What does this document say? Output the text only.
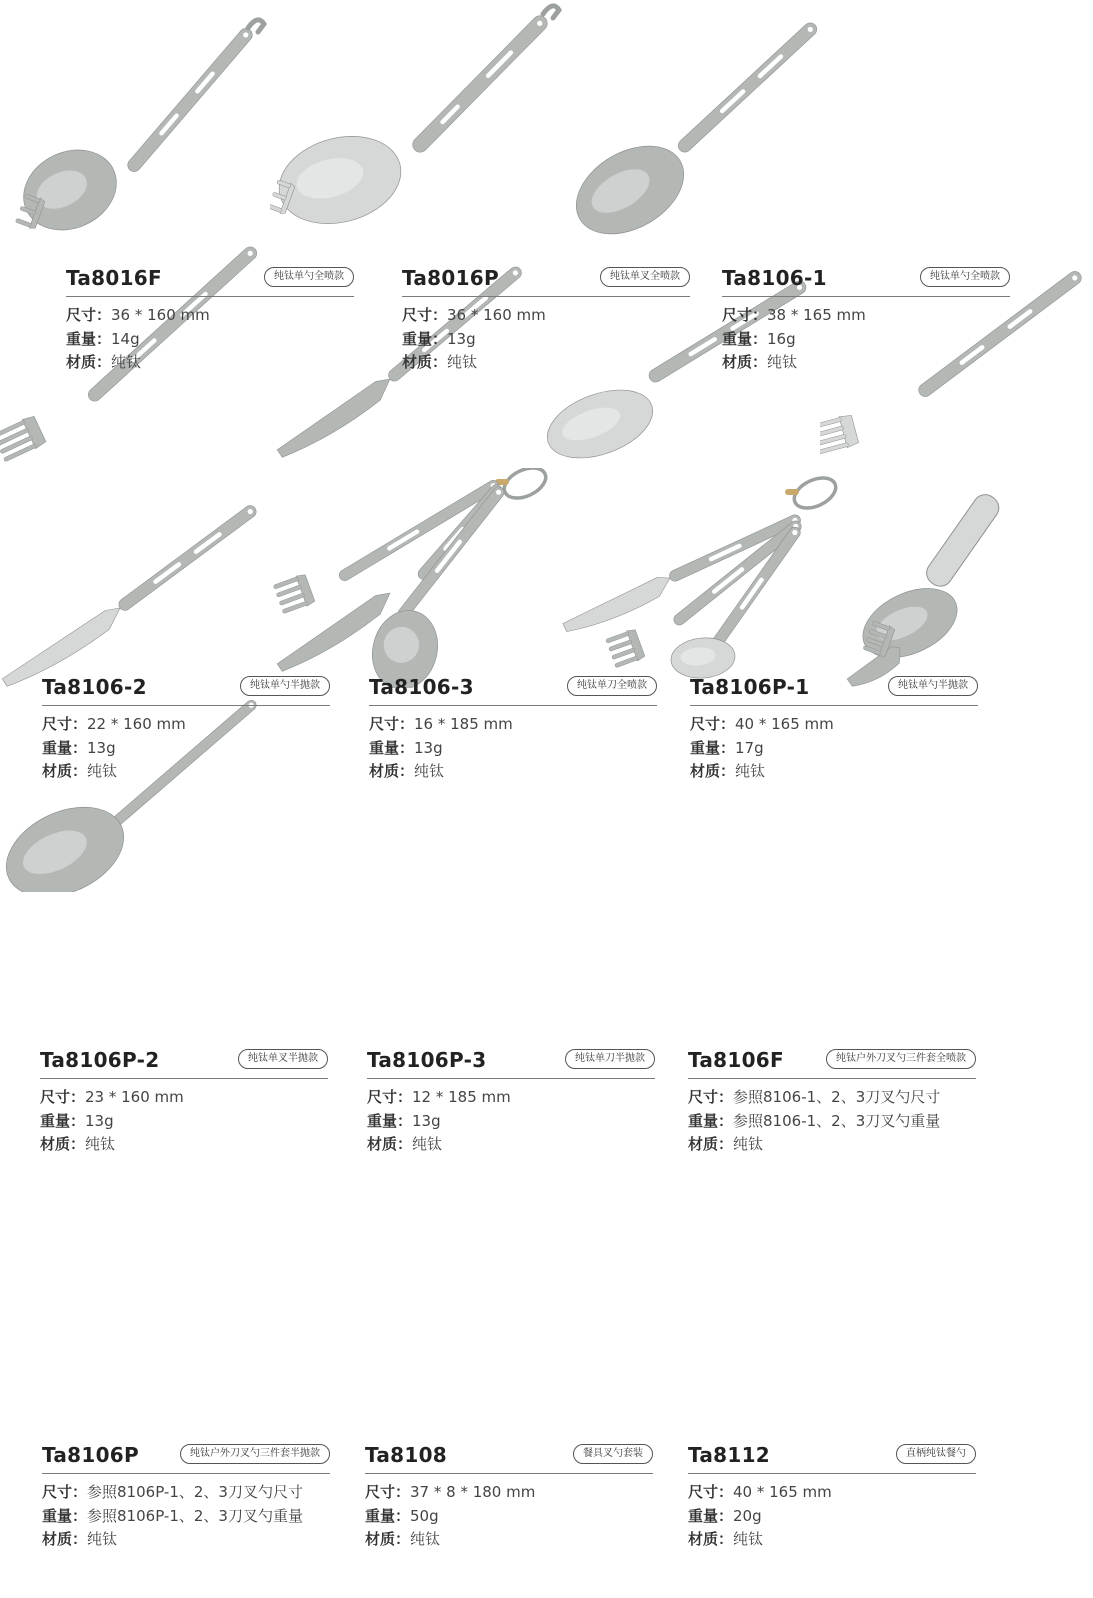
Ta8016F	纯钛单勺全喷款
尺寸：36 * 160 mm
重量：14g
材质：纯钛
Ta8016P	纯钛单叉全喷款
尺寸：36 * 160 mm
重量：13g
材质：纯钛
Ta8106-1	纯钛单勺全喷款
尺寸：38 * 165 mm
重量：16g
材质：纯钛
Ta8106-2	纯钛单勺半抛款
尺寸：22 * 160 mm
重量：13g
材质：纯钛
Ta8106-3	纯钛单刀全喷款
尺寸：16 * 185 mm
重量：13g
材质：纯钛
Ta8106P-1	纯钛单勺半抛款
尺寸：40 * 165 mm
重量：17g
材质：纯钛
Ta8106P-2	纯钛单叉半抛款
尺寸：23 * 160 mm
重量：13g
材质：纯钛
Ta8106P-3	纯钛单刀半抛款
尺寸：12 * 185 mm
重量：13g
材质：纯钛
Ta8106F	纯钛户外刀叉勺三件套全喷款
尺寸：参照8106-1、2、3刀叉勺尺寸
重量：参照8106-1、2、3刀叉勺重量
材质：纯钛
Ta8106P	纯钛户外刀叉勺三件套半抛款
尺寸：参照8106P-1、2、3刀叉勺尺寸
重量：参照8106P-1、2、3刀叉勺重量
材质：纯钛
Ta8108	餐具叉勺套装
尺寸：37 * 8 * 180 mm
重量：50g
材质：纯钛
Ta8112	直柄纯钛餐勺
尺寸：40 * 165 mm
重量：20g
材质：纯钛
